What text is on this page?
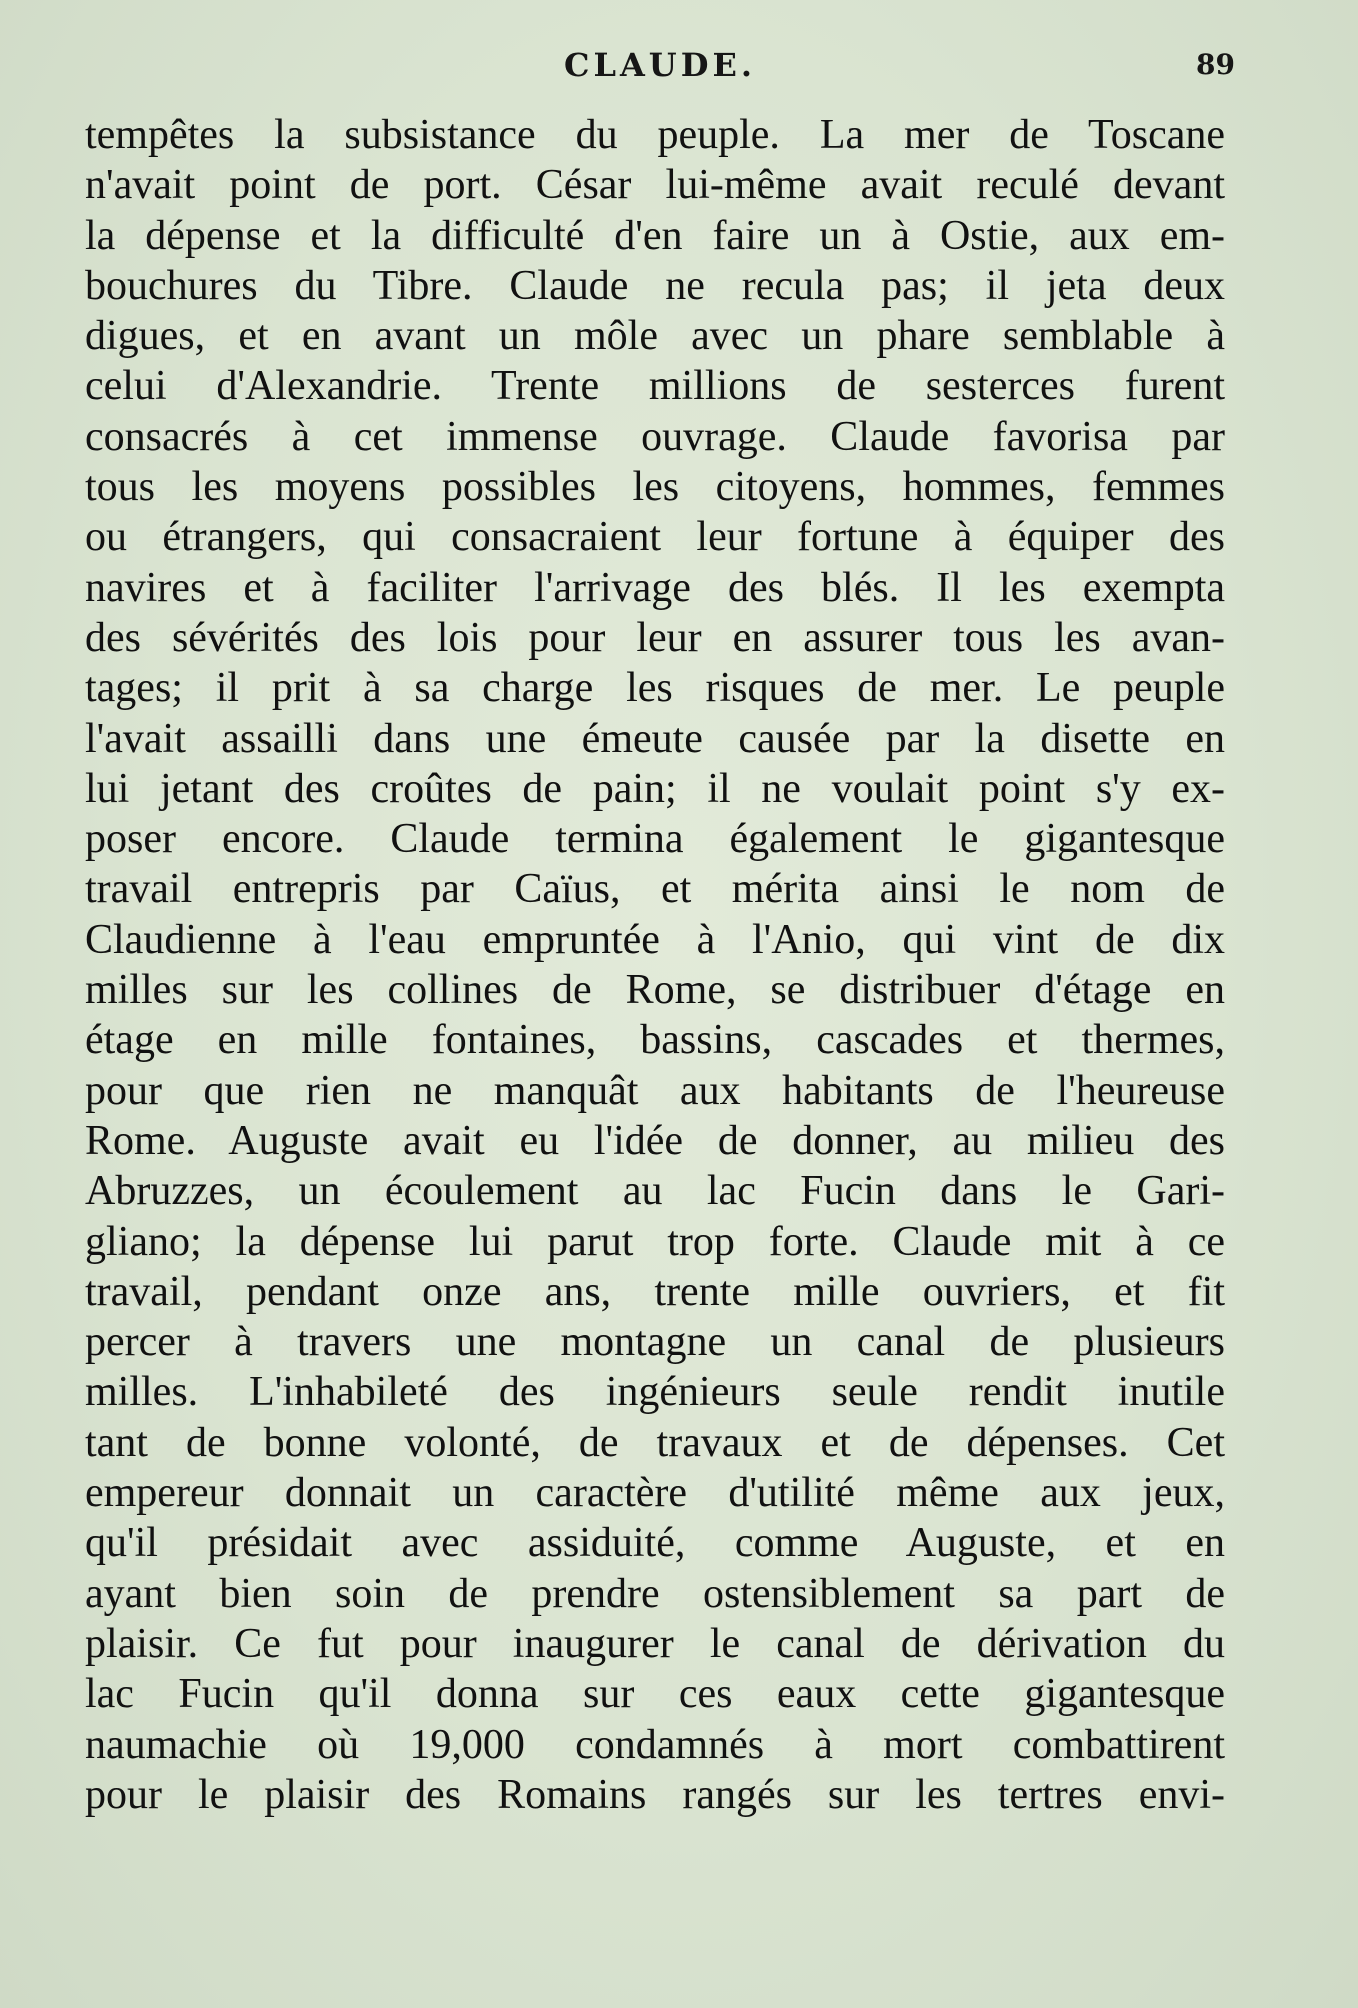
CLAUDE.	89
tempêtes la subsistance du peuple. La mer de Toscane
n'avait point de port. César lui-même avait reculé devant
la dépense et la difficulté d'en faire un à Ostie, aux em-
bouchures du Tibre. Claude ne recula pas; il jeta deux
digues, et en avant un môle avec un phare semblable à
celui d'Alexandrie. Trente millions de sesterces furent
consacrés à cet immense ouvrage. Claude favorisa par
tous les moyens possibles les citoyens, hommes, femmes
ou étrangers, qui consacraient leur fortune à équiper des
navires et à faciliter l'arrivage des blés. Il les exempta
des sévérités des lois pour leur en assurer tous les avan-
tages; il prit à sa charge les risques de mer. Le peuple
l'avait assailli dans une émeute causée par la disette en
lui jetant des croûtes de pain; il ne voulait point s'y ex-
poser encore. Claude termina également le gigantesque
travail entrepris par Caïus, et mérita ainsi le nom de
Claudienne à l'eau empruntée à l'Anio, qui vint de dix
milles sur les collines de Rome, se distribuer d'étage en
étage en mille fontaines, bassins, cascades et thermes,
pour que rien ne manquât aux habitants de l'heureuse
Rome. Auguste avait eu l'idée de donner, au milieu des
Abruzzes, un écoulement au lac Fucin dans le Gari-
gliano; la dépense lui parut trop forte. Claude mit à ce
travail, pendant onze ans, trente mille ouvriers, et fit
percer à travers une montagne un canal de plusieurs
milles. L'inhabileté des ingénieurs seule rendit inutile
tant de bonne volonté, de travaux et de dépenses. Cet
empereur donnait un caractère d'utilité même aux jeux,
qu'il présidait avec assiduité, comme Auguste, et en
ayant bien soin de prendre ostensiblement sa part de
plaisir. Ce fut pour inaugurer le canal de dérivation du
lac Fucin qu'il donna sur ces eaux cette gigantesque
naumachie où 19,000 condamnés à mort combattirent
pour le plaisir des Romains rangés sur les tertres envi-
